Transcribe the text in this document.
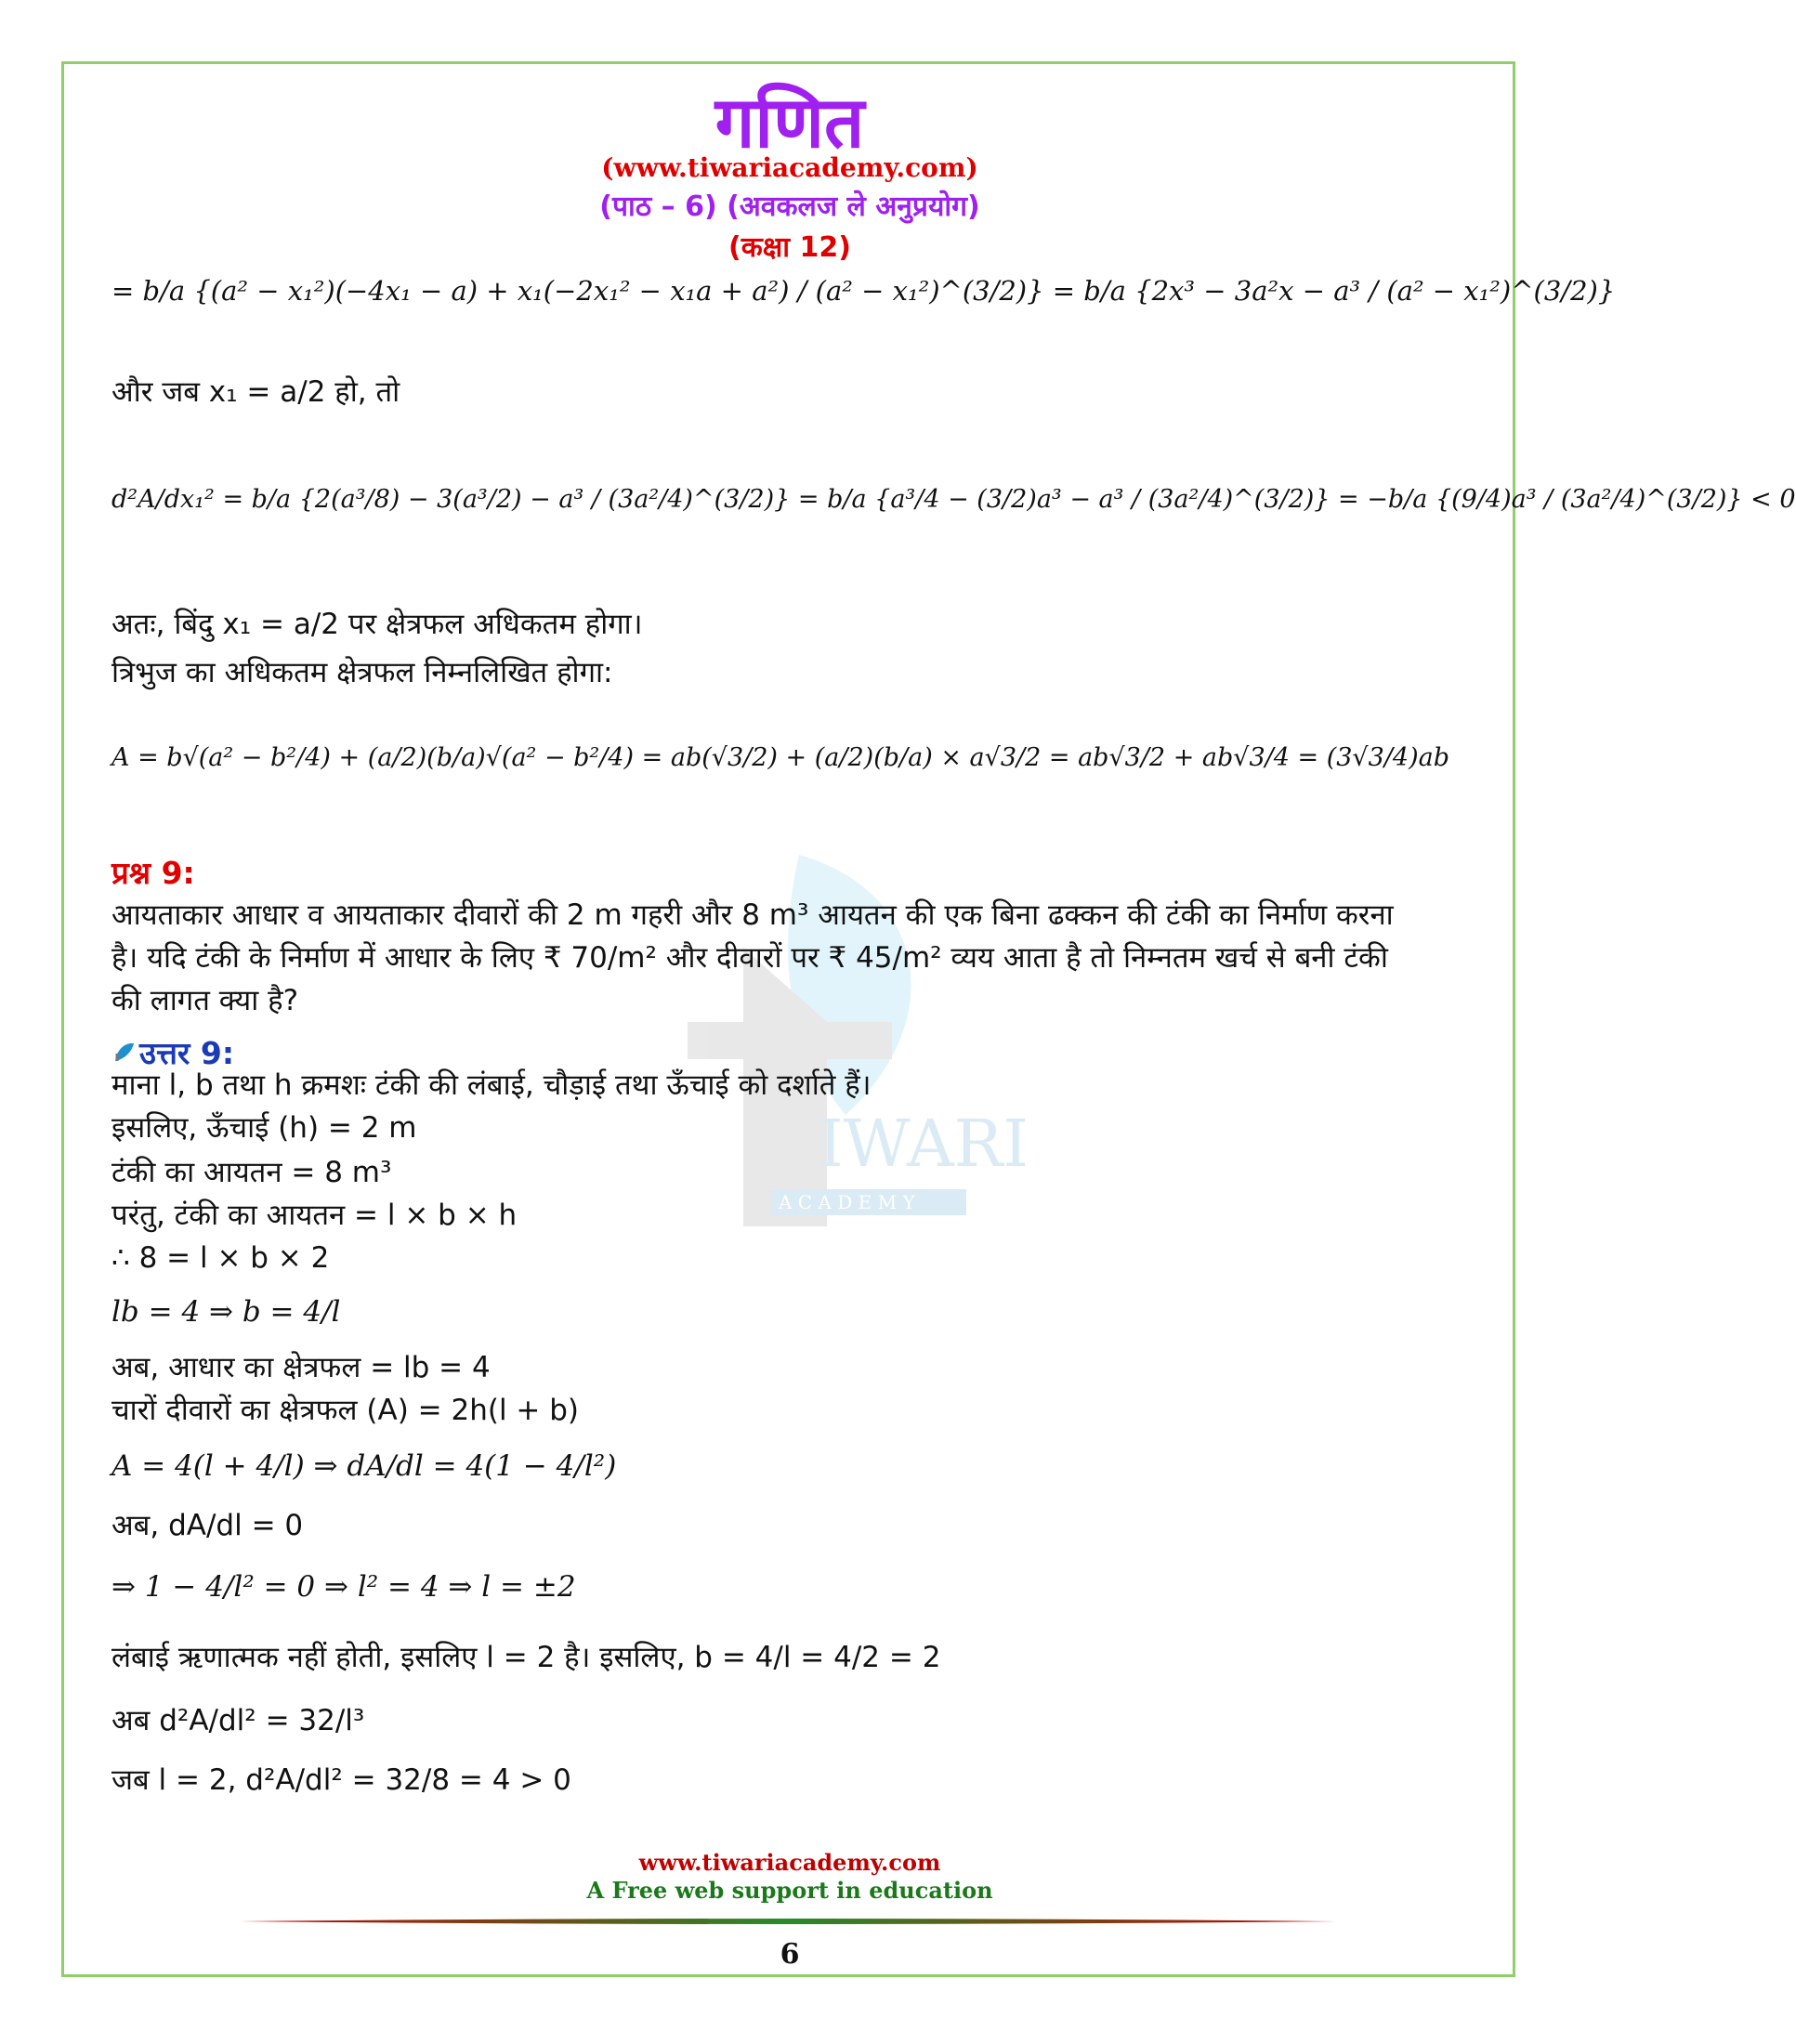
गणित
(www.tiwariacademy.com)
(पाठ – 6) (अवकलज ले अनुप्रयोग)
(कक्षा 12)
IWARI
A C A D E M Y
= b/a {(a² − x₁²)(−4x₁ − a) + x₁(−2x₁² − x₁a + a²) / (a² − x₁²)^(3/2)} = b/a {2x³ − 3a²x − a³ / (a² − x₁²)^(3/2)}
और जब x₁ = a/2 हो, तो
d²A/dx₁² = b/a {2(a³/8) − 3(a³/2) − a³ / (3a²/4)^(3/2)} = b/a {a³/4 − (3/2)a³ − a³ / (3a²/4)^(3/2)} = −b/a {(9/4)a³ / (3a²/4)^(3/2)} < 0
अतः, बिंदु x₁ = a/2 पर क्षेत्रफल अधिकतम होगा।
त्रिभुज का अधिकतम क्षेत्रफल निम्नलिखित होगा:
A = b√(a² − b²/4) + (a/2)(b/a)√(a² − b²/4) = ab(√3/2) + (a/2)(b/a) × a√3/2 = ab√3/2 + ab√3/4 = (3√3/4)ab
प्रश्न 9:

आयताकार आधार व आयताकार दीवारों की 2 m गहरी और 8 m³ आयतन की एक बिना ढक्कन की टंकी का निर्माण करना

है। यदि टंकी के निर्माण में आधार के लिए ₹ 70/m² और दीवारों पर ₹ 45/m² व्यय आता है तो निम्नतम खर्च से बनी टंकी

की लागत क्या है?

उत्तर 9:
माना l, b तथा h क्रमशः टंकी की लंबाई, चौड़ाई तथा ऊँचाई को दर्शाते हैं।
इसलिए, ऊँचाई (h) = 2 m
टंकी का आयतन = 8 m³
परंतु, टंकी का आयतन = l × b × h
∴ 8 = l × b × 2
lb = 4 ⇒ b = 4/l
अब, आधार का क्षेत्रफल = lb = 4
चारों दीवारों का क्षेत्रफल (A) = 2h(l + b)
A = 4(l + 4/l) ⇒ dA/dl = 4(1 − 4/l²)
अब, dA/dl = 0
⇒ 1 − 4/l² = 0 ⇒ l² = 4 ⇒ l = ±2
लंबाई ऋणात्मक नहीं होती, इसलिए l = 2 है। इसलिए, b = 4/l = 4/2 = 2
अब d²A/dl² = 32/l³
जब l = 2, d²A/dl² = 32/8 = 4 > 0
www.tiwariacademy.com
A Free web support in education
6
